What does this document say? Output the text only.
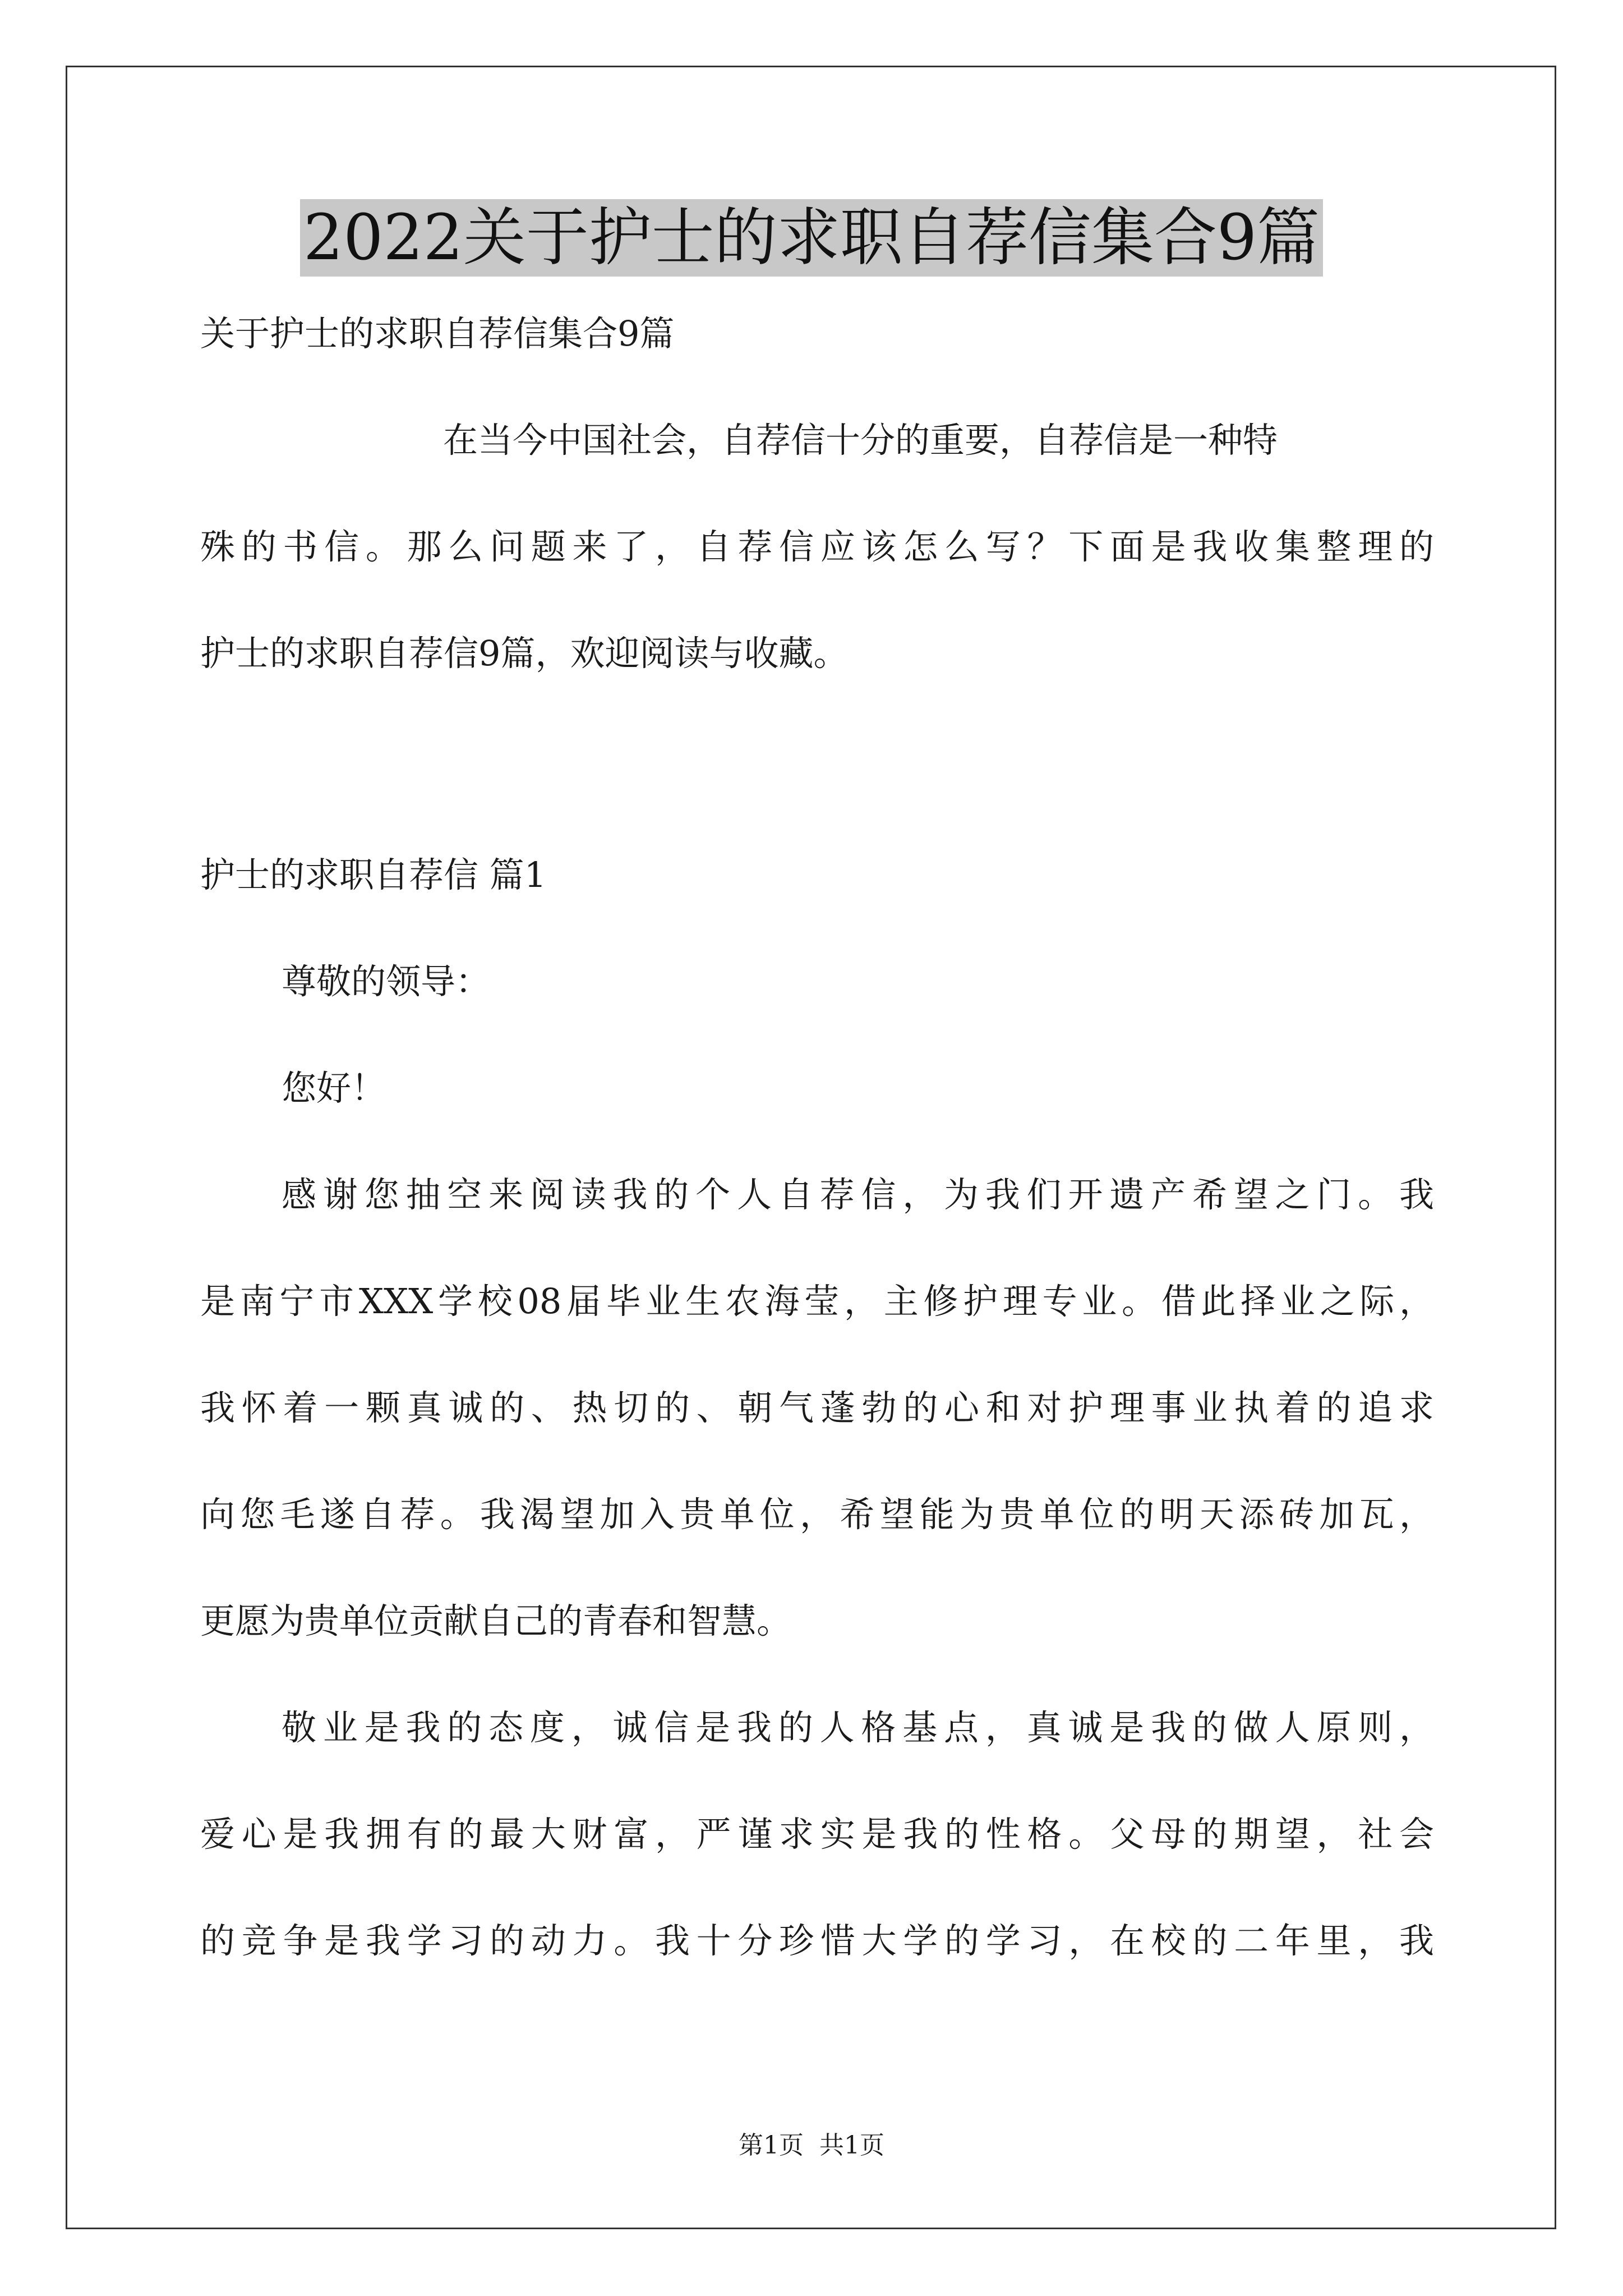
2022关于护士的求职自荐信集合9篇
关于护士的求职自荐信集合9篇
在当今中国社会，自荐信十分的重要，自荐信是一种特
殊的书信。那么问题来了，自荐信应该怎么写？下面是我收集整理的
护士的求职自荐信9篇，欢迎阅读与收藏。
护士的求职自荐信 篇1
尊敬的领导：
您好！
感谢您抽空来阅读我的个人自荐信，为我们开遗产希望之门。我
是南宁市XXX学校08届毕业生农海莹，主修护理专业。借此择业之际，
我怀着一颗真诚的、热切的、朝气蓬勃的心和对护理事业执着的追求
向您毛遂自荐。我渴望加入贵单位，希望能为贵单位的明天添砖加瓦，
更愿为贵单位贡献自己的青春和智慧。
敬业是我的态度，诚信是我的人格基点，真诚是我的做人原则，
爱心是我拥有的最大财富，严谨求实是我的性格。父母的期望，社会
的竞争是我学习的动力。我十分珍惜大学的学习，在校的二年里，我
第1页 共1页
